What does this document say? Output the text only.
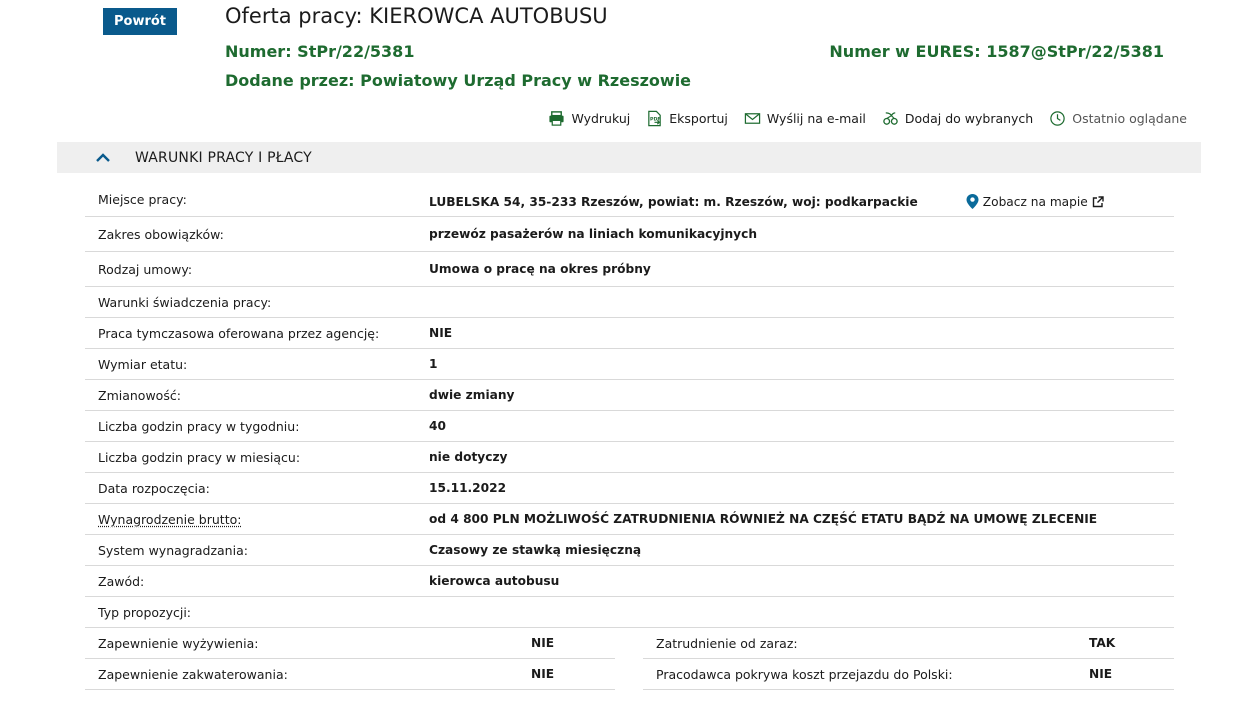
Powrót	Oferta pracy: KIEROWCA AUTOBUSU
Numer: StPr/22/5381	Numer w EURES: 1587@StPr/22/5381
Dodane przez: Powiatowy Urząd Pracy w Rzeszowie
Wydrukuj	PDF Eksportuj	Wyślij na e-mail	Dodaj do wybranych	Ostatnio oglądane
WARUNKI PRACY I PŁACY
Miejsce pracy:	LUBELSKA 54, 35-233 Rzeszów, powiat: m. Rzeszów, woj: podkarpackie	Zobacz na mapie
Zakres obowiązków:	przewóz pasażerów na liniach komunikacyjnych
Rodzaj umowy:	Umowa o pracę na okres próbny
Warunki świadczenia pracy:
Praca tymczasowa oferowana przez agencję:	NIE
Wymiar etatu:	1
Zmianowość:	dwie zmiany
Liczba godzin pracy w tygodniu:	40
Liczba godzin pracy w miesiącu:	nie dotyczy
Data rozpoczęcia:	15.11.2022
Wynagrodzenie brutto:	od 4 800 PLN MOŻLIWOŚĆ ZATRUDNIENIA RÓWNIEŻ NA CZĘŚĆ ETATU BĄDŹ NA UMOWĘ ZLECENIE
System wynagradzania:	Czasowy ze stawką miesięczną
Zawód:	kierowca autobusu
Typ propozycji:
Zapewnienie wyżywienia:	NIE	Zatrudnienie od zaraz:	TAK
Zapewnienie zakwaterowania:	NIE	Pracodawca pokrywa koszt przejazdu do Polski:	NIE
